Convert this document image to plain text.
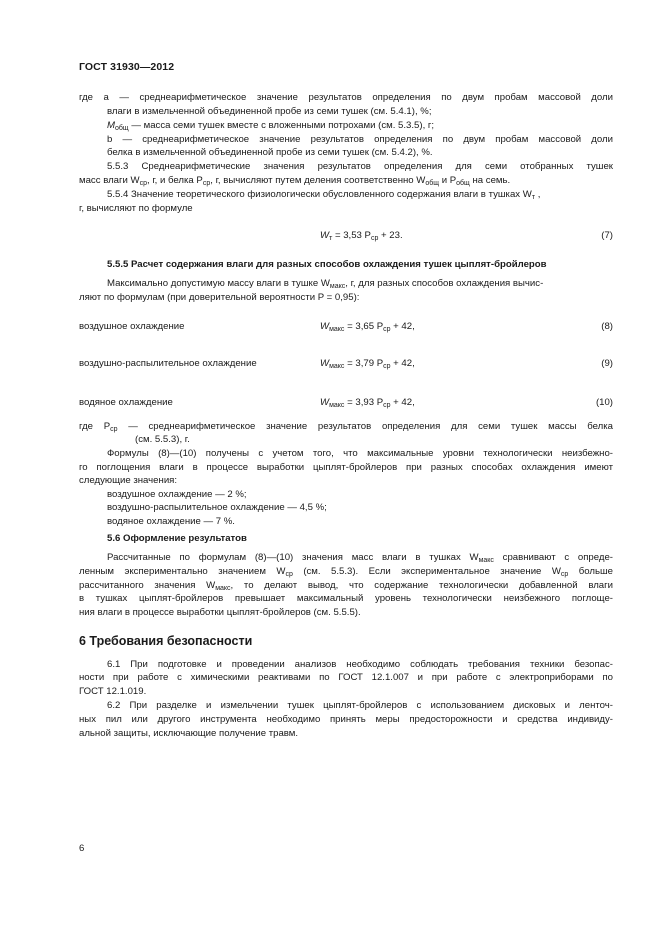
ГОСТ 31930—2012
где a — среднеарифметическое значение результатов определения по двум пробам массовой доли
влаги в измельченной объединенной пробе из семи тушек (см. 5.4.1), %;
$M_{общ}$ — масса семи тушек вместе с вложенными потрохами (см. 5.3.5), г;
b — среднеарифметическое значение результатов определения по двум пробам массовой доли
белка в измельченной объединенной пробе из семи тушек (см. 5.4.2), %.
5.5.3 Среднеарифметические значения результатов определения для семи отобранных тушек
масс влаги $W_{ср}$, г, и белка $P_{ср}$, г, вычисляют путем деления соответственно $W_{общ}$ и $P_{общ}$ на семь.
5.5.4 Значение теоретического физиологически обусловленного содержания влаги в тушках $W_т$ ,
г, вычисляют по формуле
$W_т = 3,53$ $P_{ср} + 23$.	(7)
5.5.5 Расчет содержания влаги для разных способов охлаждения тушек цыплят-бройлеров
Максимально допустимую массу влаги в тушке $W_{макс}$, г, для разных способов охлаждения вычис-
ляют по формулам (при доверительной вероятности P = 0,95):
воздушное охлаждение	$W_{макс} = 3,65$ $P_{ср} + 42$,	(8)
воздушно-распылительное охлаждение	$W_{макс} = 3,79$ $P_{ср} + 42$,	(9)
водяное охлаждение	$W_{макс} = 3,93$ $P_{ср} + 42$,	(10)
где $P_{ср}$ — среднеарифметическое значение результатов определения для семи тушек массы белка
(см. 5.5.3), г.
Формулы (8)—(10) получены с учетом того, что максимальные уровни технологически неизбежно-
го поглощения влаги в процессе выработки цыплят-бройлеров при разных способах охлаждения имеют
следующие значения:
воздушное охлаждение — 2 %;
воздушно-распылительное охлаждение — 4,5 %;
водяное охлаждение — 7 %.
5.6 Оформление результатов
Рассчитанные по формулам (8)—(10) значения масс влаги в тушках $W_{макс}$ сравнивают с опреде-
ленным экспериментально значением $W_{ср}$ (см. 5.5.3). Если экспериментальное значение $W_{ср}$ больше
рассчитанного значения $W_{макс}$, то делают вывод, что содержание технологически добавленной влаги
в тушках цыплят-бройлеров превышает максимальный уровень технологически неизбежного поглоще-
ния влаги в процессе выработки цыплят-бройлеров (см. 5.5.5).
6 Требования безопасности
6.1 При подготовке и проведении анализов необходимо соблюдать требования техники безопас-
ности при работе с химическими реактивами по ГОСТ 12.1.007 и при работе с электроприборами по
ГОСТ 12.1.019.
6.2 При разделке и измельчении тушек цыплят-бройлеров с использованием дисковых и ленточ-
ных пил или другого инструмента необходимо принять меры предосторожности и средства индивиду-
альной защиты, исключающие получение травм.
6
